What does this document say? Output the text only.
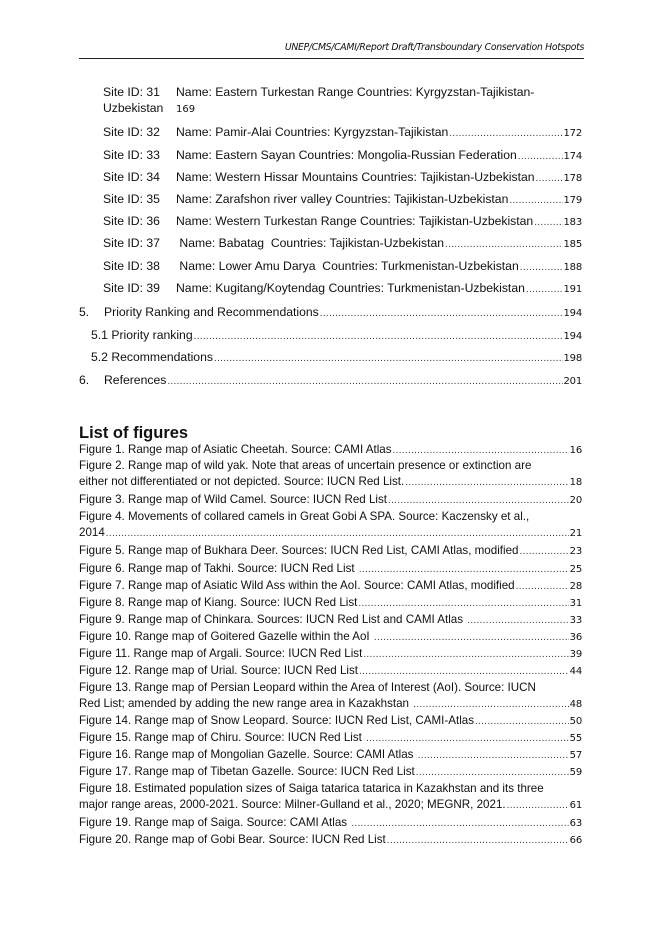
UNEP/CMS/CAMI/Report Draft/Transboundary Conservation Hotspots
Site ID: 31 Name: Eastern Turkestan Range Countries: Kyrgyzstan-Tajikistan-
Uzbekistan 169
Site ID: 32 Name: Pamir-Alai Countries: Kyrgyzstan-Tajikistan .....	172
Site ID: 33 Name: Eastern Sayan Countries: Mongolia-Russian Federation .....	174
Site ID: 34 Name: Western Hissar Mountains Countries: Tajikistan-Uzbekistan .....	178
Site ID: 35 Name: Zarafshon river valley Countries: Tajikistan-Uzbekistan .....	179
Site ID: 36 Name: Western Turkestan Range Countries: Tajikistan-Uzbekistan .....	183
Site ID: 37 Name: Babatag  Countries: Tajikistan-Uzbekistan .....	185
Site ID: 38 Name: Lower Amu Darya  Countries: Turkmenistan-Uzbekistan .....	188
Site ID: 39 Name: Kugitang/Koytendag Countries: Turkmenistan-Uzbekistan .....	191
5. Priority Ranking and Recommendations .....	194
5.1 Priority ranking .....	194
5.2 Recommendations .....	198
6. References .....	201
List of figures
Figure 1. Range map of Asiatic Cheetah. Source: CAMI Atlas .....	16
Figure 2. Range map of wild yak. Note that areas of uncertain presence or extinction are
either not differentiated or not depicted. Source: IUCN Red List. .....	18
Figure 3. Range map of Wild Camel. Source: IUCN Red List .....	20
Figure 4. Movements of collared camels in Great Gobi A SPA. Source: Kaczensky et al.,
2014 .....	21
Figure 5. Range map of Bukhara Deer. Sources: IUCN Red List, CAMI Atlas, modified .....	23
Figure 6. Range map of Takhi. Source: IUCN Red List .....	25
Figure 7. Range map of Asiatic Wild Ass within the AoI. Source: CAMI Atlas, modified .....	28
Figure 8. Range map of Kiang. Source: IUCN Red List .....	31
Figure 9. Range map of Chinkara. Sources: IUCN Red List and CAMI Atlas .....	33
Figure 10. Range map of Goitered Gazelle within the AoI .....	36
Figure 11. Range map of Argali. Source: IUCN Red List .....	39
Figure 12. Range map of Urial. Source: IUCN Red List .....	44
Figure 13. Range map of Persian Leopard within the Area of Interest (AoI). Source: IUCN
Red List; amended by adding the new range area in Kazakhstan .....	48
Figure 14. Range map of Snow Leopard. Source: IUCN Red List, CAMI-Atlas .....	50
Figure 15. Range map of Chiru. Source: IUCN Red List .....	55
Figure 16. Range map of Mongolian Gazelle. Source: CAMI Atlas .....	57
Figure 17. Range map of Tibetan Gazelle. Source: IUCN Red List .....	59
Figure 18. Estimated population sizes of Saiga tatarica tatarica in Kazakhstan and its three
major range areas, 2000-2021. Source: Milner-Gulland et al., 2020; MEGNR, 2021. .....	61
Figure 19. Range map of Saiga. Source: CAMI Atlas .....	63
Figure 20. Range map of Gobi Bear. Source: IUCN Red List .....	66
